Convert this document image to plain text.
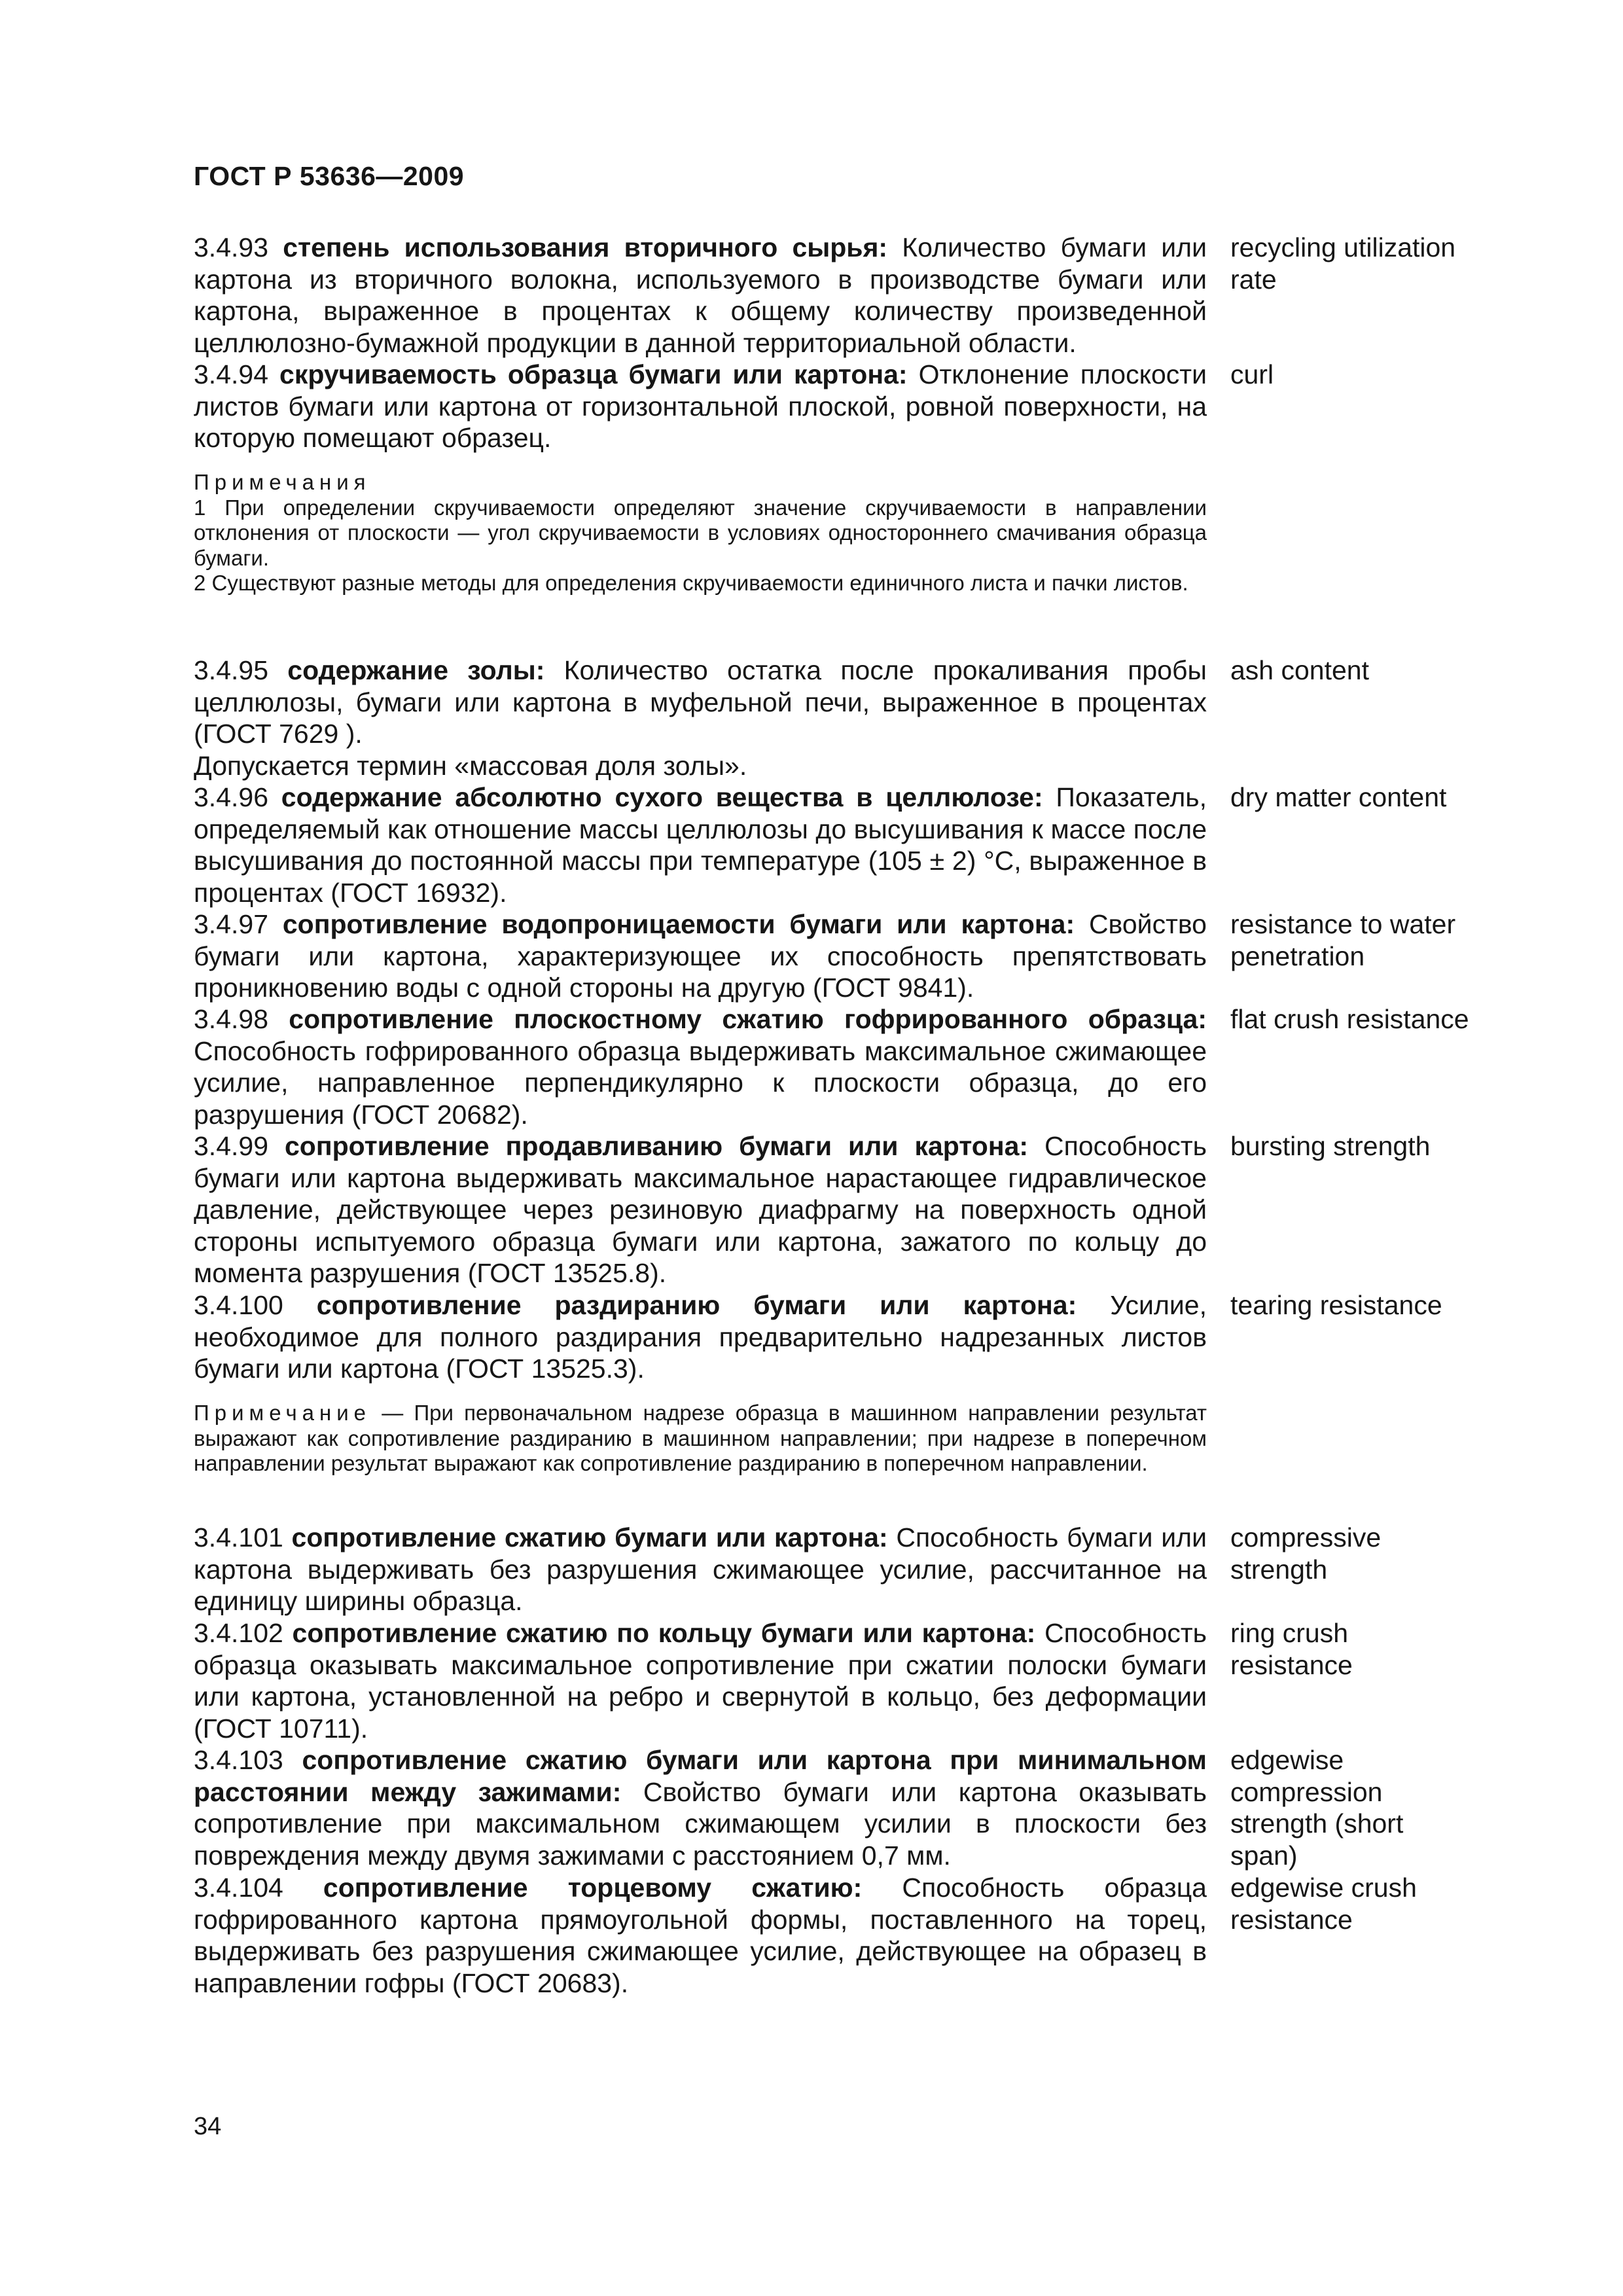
ГОСТ Р 53636—2009

3.4.93 степень использования вторичного сырья: Количество бумаги или картона из вторичного волокна, используемого в производстве бумаги или картона, выраженное в процентах к общему количеству произведенной целлюлозно-бумажной продукции в данной территориальной области.

recycling utilization rate

3.4.94 скручиваемость образца бумаги или картона: Отклонение плоскости листов бумаги или картона от горизонтальной плоской, ровной поверхности, на которую помещают образец.

curl

Примечания

1 При определении скручиваемости определяют значение скручиваемости в направлении отклонения от плоскости — угол скручиваемости в условиях одностороннего смачивания образца бумаги.

2 Существуют разные методы для определения скручиваемости единичного листа и пачки листов.

3.4.95 содержание золы: Количество остатка после прокаливания пробы целлюлозы, бумаги или картона в муфельной печи, выраженное в процентах (ГОСТ 7629 ).
Допускается термин «массовая доля золы».

ash content

3.4.96 содержание абсолютно сухого вещества в целлюлозе: Показатель, определяемый как отношение массы целлюлозы до высушивания к массе после высушивания до постоянной массы при температуре (105 ± 2) °С, выраженное в процентах (ГОСТ 16932).

dry matter content

3.4.97 сопротивление водопроницаемости бумаги или картона: Свойство бумаги или картона, характеризующее их способность препятствовать проникновению воды с одной стороны на другую (ГОСТ 9841).

resistance to water penetration

3.4.98 сопротивление плоскостному сжатию гофрированного образца: Способность гофрированного образца выдерживать максимальное сжимающее усилие, направленное перпендикулярно к плоскости образца, до его разрушения (ГОСТ 20682).

flat crush resistance

3.4.99 сопротивление продавливанию бумаги или картона: Способность бумаги или картона выдерживать максимальное нарастающее гидравлическое давление, действующее через резиновую диафрагму на поверхность одной стороны испытуемого образца бумаги или картона, зажатого по кольцу до момента разрушения (ГОСТ 13525.8).

bursting strength

3.4.100 сопротивление раздиранию бумаги или картона: Усилие, необходимое для полного раздирания предварительно надрезанных листов бумаги или картона (ГОСТ 13525.3).

tearing resistance

Примечание — При первоначальном надрезе образца в машинном направлении результат выражают как сопротивление раздиранию в машинном направлении; при надрезе в поперечном направлении результат выражают как сопротивление раздиранию в поперечном направлении.

3.4.101 сопротивление сжатию бумаги или картона: Способность бумаги или картона выдерживать без разрушения сжимающее усилие, рассчитанное на единицу ширины образца.

compressive strength

3.4.102 сопротивление сжатию по кольцу бумаги или картона: Способность образца оказывать максимальное сопротивление при сжатии полоски бумаги или картона, установленной на ребро и свернутой в кольцо, без деформации (ГОСТ 10711).

ring crush resistance

3.4.103 сопротивление сжатию бумаги или картона при минимальном расстоянии между зажимами: Свойство бумаги или картона оказывать сопротивление при максимальном сжимающем усилии в плоскости без повреждения между двумя зажимами с расстоянием 0,7 мм.

edgewise compression strength (short span)

3.4.104 сопротивление торцевому сжатию: Способность образца гофрированного картона прямоугольной формы, поставленного на торец, выдерживать без разрушения сжимающее усилие, действующее на образец в направлении гофры (ГОСТ 20683).

edgewise crush resistance
34
